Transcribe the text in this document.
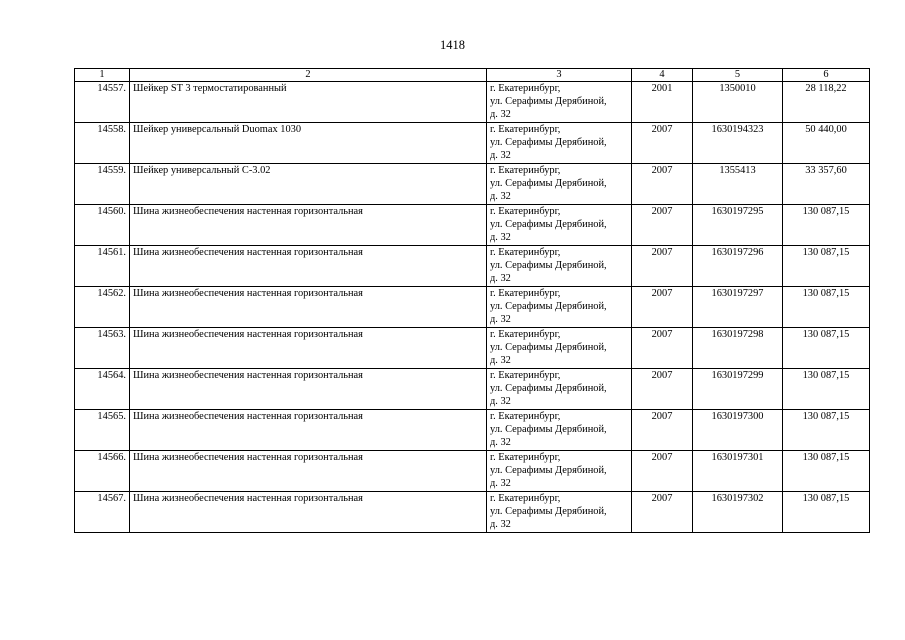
1418
1	2	3	4	5	6
14557.	Шейкер ST 3 термостатированный	г. Екатеринбург,
ул. Серафимы Дерябиной,
д. 32	2001	1350010	28 118,22
14558.	Шейкер универсальный Duomax 1030	г. Екатеринбург,
ул. Серафимы Дерябиной,
д. 32	2007	1630194323	50 440,00
14559.	Шейкер универсальный С-3.02	г. Екатеринбург,
ул. Серафимы Дерябиной,
д. 32	2007	1355413	33 357,60
14560.	Шина жизнеобеспечения настенная горизонтальная	г. Екатеринбург,
ул. Серафимы Дерябиной,
д. 32	2007	1630197295	130 087,15
14561.	Шина жизнеобеспечения настенная горизонтальная	г. Екатеринбург,
ул. Серафимы Дерябиной,
д. 32	2007	1630197296	130 087,15
14562.	Шина жизнеобеспечения настенная горизонтальная	г. Екатеринбург,
ул. Серафимы Дерябиной,
д. 32	2007	1630197297	130 087,15
14563.	Шина жизнеобеспечения настенная горизонтальная	г. Екатеринбург,
ул. Серафимы Дерябиной,
д. 32	2007	1630197298	130 087,15
14564.	Шина жизнеобеспечения настенная горизонтальная	г. Екатеринбург,
ул. Серафимы Дерябиной,
д. 32	2007	1630197299	130 087,15
14565.	Шина жизнеобеспечения настенная горизонтальная	г. Екатеринбург,
ул. Серафимы Дерябиной,
д. 32	2007	1630197300	130 087,15
14566.	Шина жизнеобеспечения настенная горизонтальная	г. Екатеринбург,
ул. Серафимы Дерябиной,
д. 32	2007	1630197301	130 087,15
14567.	Шина жизнеобеспечения настенная горизонтальная	г. Екатеринбург,
ул. Серафимы Дерябиной,
д. 32	2007	1630197302	130 087,15
